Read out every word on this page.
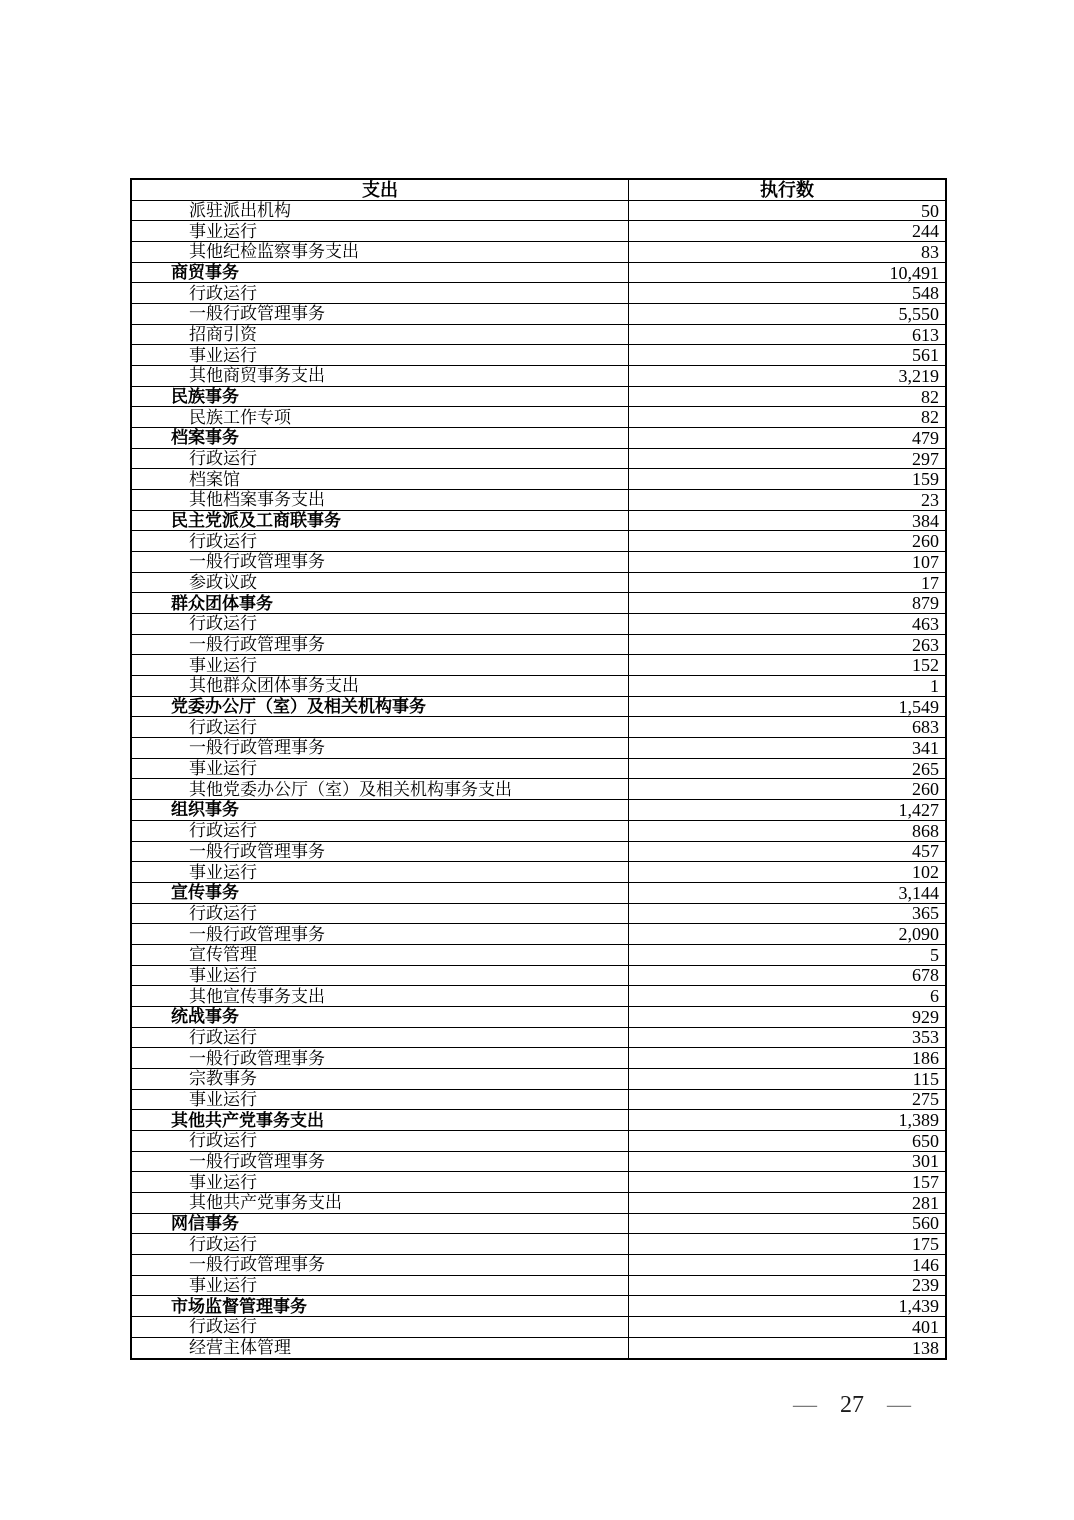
支出	执行数
派驻派出机构	50
事业运行	244
其他纪检监察事务支出	83
商贸事务	10,491
行政运行	548
一般行政管理事务	5,550
招商引资	613
事业运行	561
其他商贸事务支出	3,219
民族事务	82
民族工作专项	82
档案事务	479
行政运行	297
档案馆	159
其他档案事务支出	23
民主党派及工商联事务	384
行政运行	260
一般行政管理事务	107
参政议政	17
群众团体事务	879
行政运行	463
一般行政管理事务	263
事业运行	152
其他群众团体事务支出	1
党委办公厅（室）及相关机构事务	1,549
行政运行	683
一般行政管理事务	341
事业运行	265
其他党委办公厅（室）及相关机构事务支出	260
组织事务	1,427
行政运行	868
一般行政管理事务	457
事业运行	102
宣传事务	3,144
行政运行	365
一般行政管理事务	2,090
宣传管理	5
事业运行	678
其他宣传事务支出	6
统战事务	929
行政运行	353
一般行政管理事务	186
宗教事务	115
事业运行	275
其他共产党事务支出	1,389
行政运行	650
一般行政管理事务	301
事业运行	157
其他共产党事务支出	281
网信事务	560
行政运行	175
一般行政管理事务	146
事业运行	239
市场监督管理事务	1,439
行政运行	401
经营主体管理	138
— 27 —
